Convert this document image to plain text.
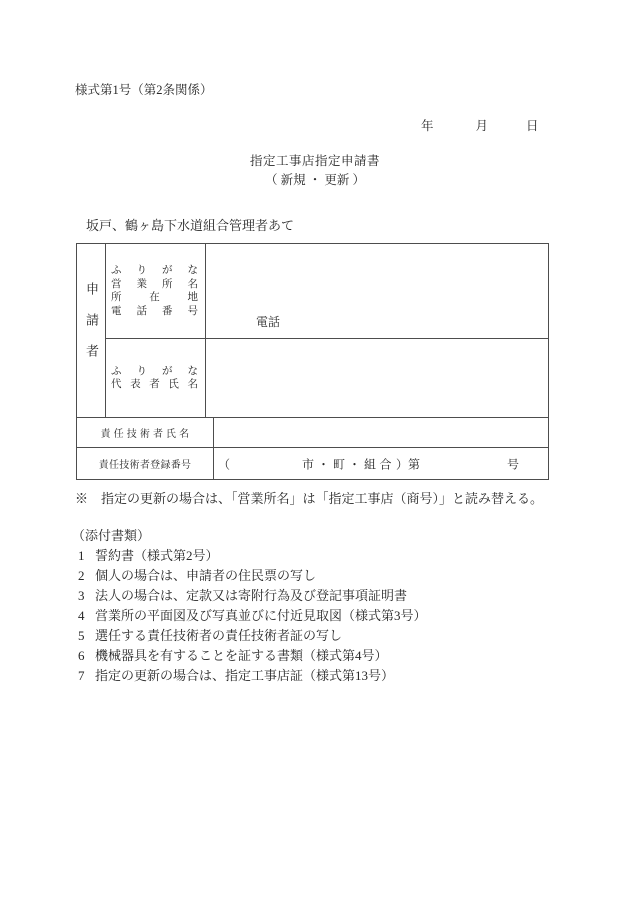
様式第1号（第2条関係）
年	月	日
指定工事店指定申請書
（ 新規 ・ 更新 ）
坂戸、鶴ヶ島下水道組合管理者あて
申請者	ふ り が な
営 業 所 名
所 在 地
電 話 番 号	電話	

	ふ り が な
代 表 者 氏 名		

責 任 技 術 者 氏 名			
責任技術者登録番号			（ 市・町・組合 ）第 号
※　指定の更新の場合は、「営業所名」は「指定工事店（商号）」と読み替える。
（添付書類）
1 誓約書（様式第2号）
2 個人の場合は、申請者の住民票の写し
3 法人の場合は、定款又は寄附行為及び登記事項証明書
4 営業所の平面図及び写真並びに付近見取図（様式第3号）
5 選任する責任技術者の責任技術者証の写し
6 機械器具を有することを証する書類（様式第4号）
7 指定の更新の場合は、指定工事店証（様式第13号）
